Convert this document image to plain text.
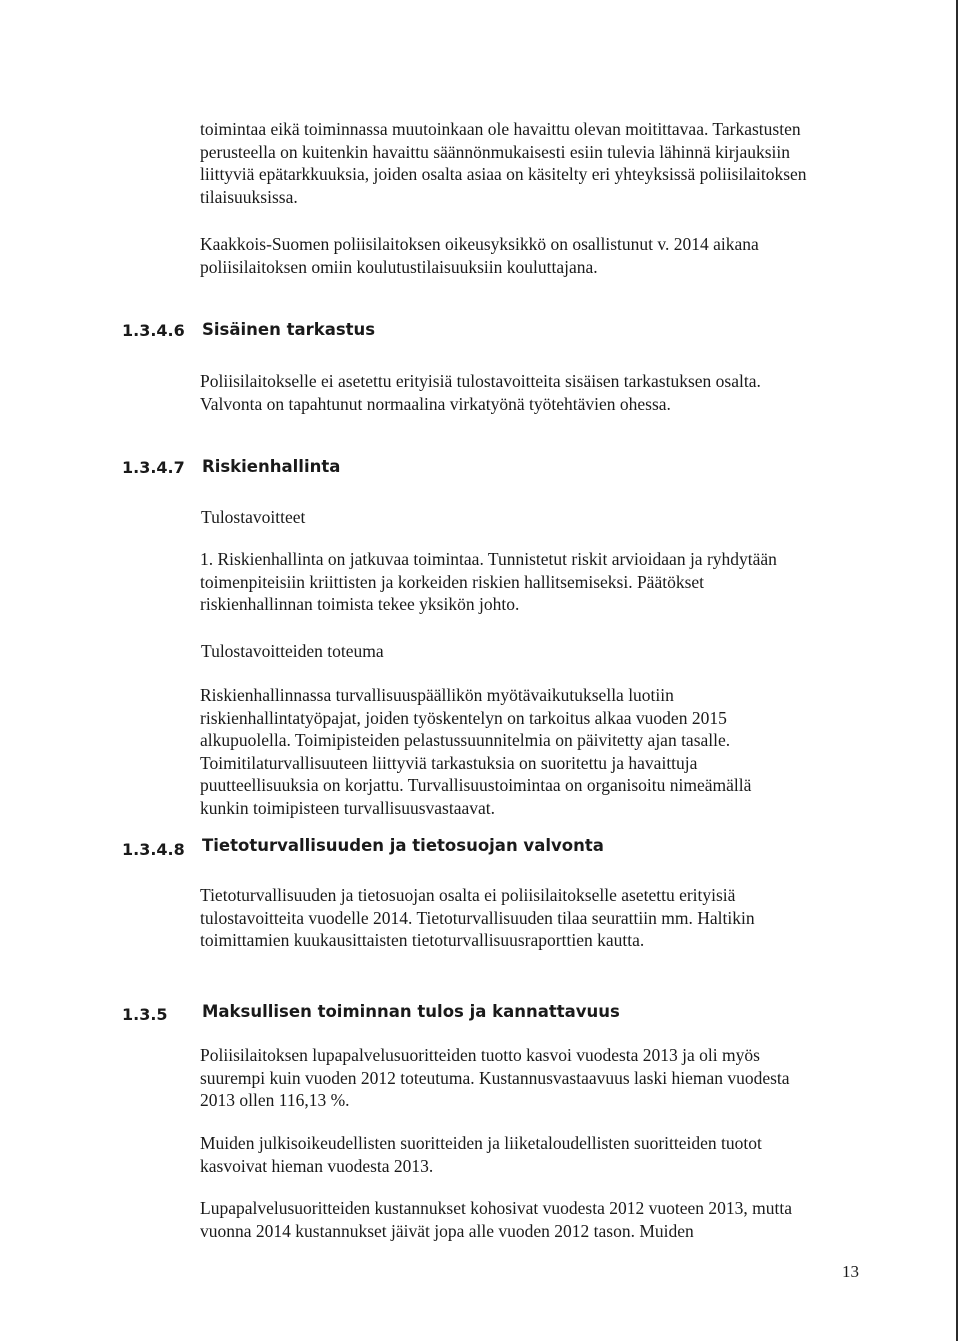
toimintaa eikä toiminnassa muutoinkaan ole havaittu olevan moitittavaa. Tarkastusten
perusteella on kuitenkin havaittu säännönmukaisesti esiin tulevia lähinnä kirjauksiin
liittyviä epätarkkuuksia, joiden osalta asiaa on käsitelty eri yhteyksissä poliisilaitoksen
tilaisuuksissa.
Kaakkois-Suomen poliisilaitoksen oikeusyksikkö on osallistunut v. 2014 aikana
poliisilaitoksen omiin koulutustilaisuuksiin kouluttajana.
1.3.4.6 Sisäinen tarkastus
Poliisilaitokselle ei asetettu erityisiä tulostavoitteita sisäisen tarkastuksen osalta.
Valvonta on tapahtunut normaalina virkatyönä työtehtävien ohessa.
1.3.4.7 Riskienhallinta
Tulostavoitteet
1. Riskienhallinta on jatkuvaa toimintaa. Tunnistetut riskit arvioidaan ja ryhdytään
toimenpiteisiin kriittisten ja korkeiden riskien hallitsemiseksi. Päätökset
riskienhallinnan toimista tekee yksikön johto.
Tulostavoitteiden toteuma
Riskienhallinnassa turvallisuuspäällikön myötävaikutuksella luotiin
riskienhallintatyöpajat, joiden työskentelyn on tarkoitus alkaa vuoden 2015
alkupuolella. Toimipisteiden pelastussuunnitelmia on päivitetty ajan tasalle.
Toimitilaturvallisuuteen liittyviä tarkastuksia on suoritettu ja havaittuja
puutteellisuuksia on korjattu. Turvallisuustoimintaa on organisoitu nimeämällä
kunkin toimipisteen turvallisuusvastaavat.
1.3.4.8 Tietoturvallisuuden ja tietosuojan valvonta
Tietoturvallisuuden ja tietosuojan osalta ei poliisilaitokselle asetettu erityisiä
tulostavoitteita vuodelle 2014. Tietoturvallisuuden tilaa seurattiin mm. Haltikin
toimittamien kuukausittaisten tietoturvallisuusraporttien kautta.
1.3.5 Maksullisen toiminnan tulos ja kannattavuus
Poliisilaitoksen lupapalvelusuoritteiden tuotto kasvoi vuodesta 2013 ja oli myös
suurempi kuin vuoden 2012 toteutuma. Kustannusvastaavuus laski hieman vuodesta
2013 ollen 116,13 %.
Muiden julkisoikeudellisten suoritteiden ja liiketaloudellisten suoritteiden tuotot
kasvoivat hieman vuodesta 2013.
Lupapalvelusuoritteiden kustannukset kohosivat vuodesta 2012 vuoteen 2013, mutta
vuonna 2014 kustannukset jäivät jopa alle vuoden 2012 tason. Muiden
13
